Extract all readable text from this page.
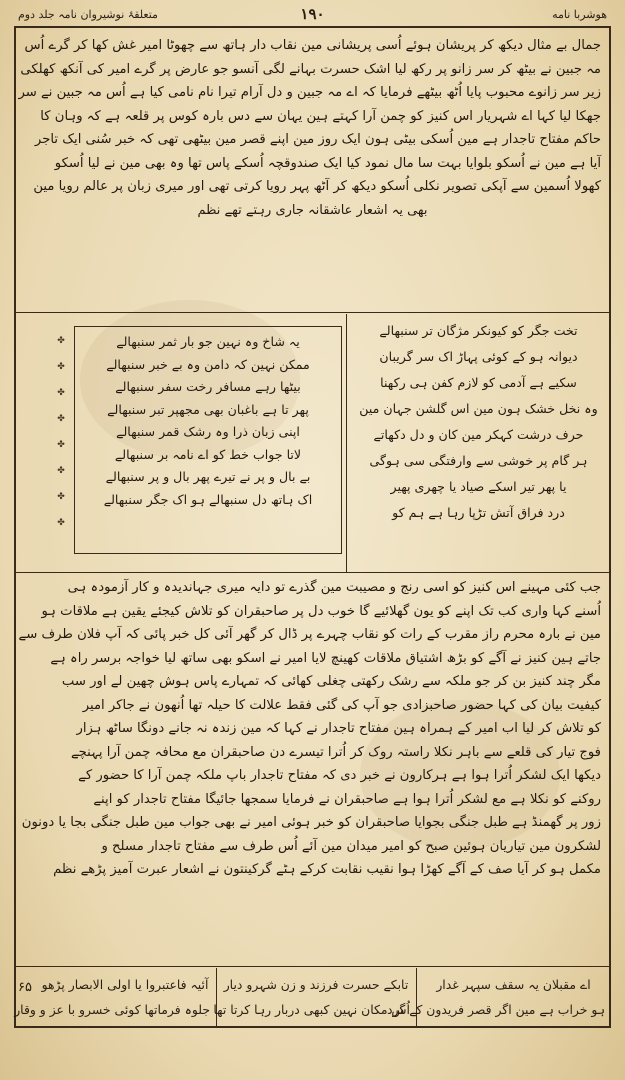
هوشربا نامه
۱۹۰
متعلقۂ نوشیروان نامہ جلد دوم
جمال بے مثال دیکھ کر پریشان ہوئے اُسی پریشانی مین نقاب دار ہاتھ سے چھوٹا امیر غش کھا کر گرے اُس
مہ جبین نے بیٹھ کر سر زانو پر رکھ لیا اشک حسرت بہانے لگی آنسو جو عارض پر گرے امیر کی آنکھ کھلکی
زیر سر زانوے محبوب پایا اُٹھ بیٹھے فرمایا کہ اے مہ جبین و دل آرام تیرا نام نامی کیا ہے اُس مہ جبین نے سر
جھکا لیا کہا اے شہریار اس کنیز کو چمن آرا کہتے ہین یہان سے دس بارہ کوس پر قلعہ ہے کہ وہان کا
حاکم مفتاح تاجدار ہے مین اُسکی بیٹی ہون ایک روز مین اپنے قصر مین بیٹھی تھی کہ خبر سُنی ایک تاجر
آیا ہے مین نے اُسکو بلوایا بہت سا مال نمود کیا ایک صندوقچہ اُسکے پاس تھا وہ بھی مین نے لیا اُسکو
کھولا اُسمین سے آپکی تصویر نکلی اُسکو دیکھ کر آٹھ پہر رویا کرتی تھی اور میری زبان پر عالم رویا مین
بھی یہ اشعار عاشقانہ جاری رہتے تھے نظم
تخت جگر کو کیونکر مژگان تر سنبھالے
دیوانہ ہو کے کوئی پہاڑ اک سر گریبان
سکیے ہے آدمی کو لازم کفن ہی رکھنا
وہ نخل خشک ہون مین اس گلشن جہان مین
حرف درشت کہکر مین کان و دل دکھاتے
ہر گام پر خوشی سے وارفتگی سی ہوگی
یا پھر تیر اسکے صیاد یا چھری پھیر
درد فراق آتش تڑپا رہا ہے ہم کو
✤
✤
✤
✤
✤
✤
✤
✤
یہ شاخ وہ نہین جو بار ثمر سنبھالے
ممکن نہین کہ دامن وہ بے خبر سنبھالے
بیٹھا رہے مسافر رخت سفر سنبھالے
پھر تا ہے باغبان بھی مجھپر تبر سنبھالے
اپنی زبان ذرا وہ رشک قمر سنبھالے
لاتا جواب خط کو اے نامہ بر سنبھالے
بے بال و پر نے تیرے پھر بال و پر سنبھالے
اک ہاتھ دل سنبھالے ہو اک جگر سنبھالے
جب کئی مہینے اس کنیز کو اسی رنج و مصیبت مین گذرے تو دایہ میری جہاندیدہ و کار آزمودہ ہی
اُسنے کہا واری کب تک اپنے کو یون گھلائیے گا خوب دل پر صاحبقران کو تلاش کیجئے یقین ہے ملاقات ہو
مین نے بارہ محرم راز مقرب کے رات کو نقاب چہرے پر ڈال کر گھر آئی کل خبر پائی کہ آپ فلان طرف سے
جاتے ہین کنیز نے آگے کو بڑھ اشتیاق ملاقات کھینچ لایا امیر نے اسکو بھی ساتھ لیا خواجہ برسر راہ ہے
مگر چند کنیز بن کر جو ملکہ سے رشک رکھتی چغلی کھائی کہ تمہارے پاس ہوش چھین لے اور سب
کیفیت بیان کی کہا حضور صاحبزادی جو آپ کی گئی فقط علالت کا حیلہ تھا اُنھون نے جاکر امیر
کو تلاش کر لیا اب امیر کے ہمراہ ہین مفتاح تاجدار نے کہا کہ مین زندہ نہ جانے دونگا ساٹھ ہزار
فوج تیار کی قلعے سے باہر نکلا راستہ روک کر اُترا تیسرے دن صاحبقران مع محافہ چمن آرا پہنچے
دیکھا ایک لشکر اُترا ہوا ہے ہرکارون نے خبر دی کہ مفتاح تاجدار باپ ملکہ چمن آرا کا حضور کے
روکنے کو نکلا ہے مع لشکر اُترا ہوا ہے صاحبقران نے فرمایا سمجھا جائیگا مفتاح تاجدار کو اپنے
زور پر گھمنڈ ہے طبل جنگی بجوایا صاحبقران کو خبر ہوئی امیر نے بھی جواب مین طبل جنگی بجا یا دونون
لشکرون مین تیاریان ہوئین صبح کو امیر میدان مین آئے اُس طرف سے مفتاح تاجدار مسلح و
مکمل ہو کر آیا صف کے آگے کھڑا ہوا نقیب نقابت کرکے ہٹے گرکینتون نے اشعار عبرت آمیز پڑھے نظم
اے مقبلان یہ سقف سپہر غدار
ہو خراب ہے مین اگر قصر فریدون کے گرد
تابکے حسرت فرزند و زن شہرو دیار
اُس مکان نہین کبھی دربار رہا کرتا تھا
آئیہ فاعتبروا یا اولی الابصار پڑھو
جلوہ فرماتھا کوئی خسرو با عز و وقار
۶۵
